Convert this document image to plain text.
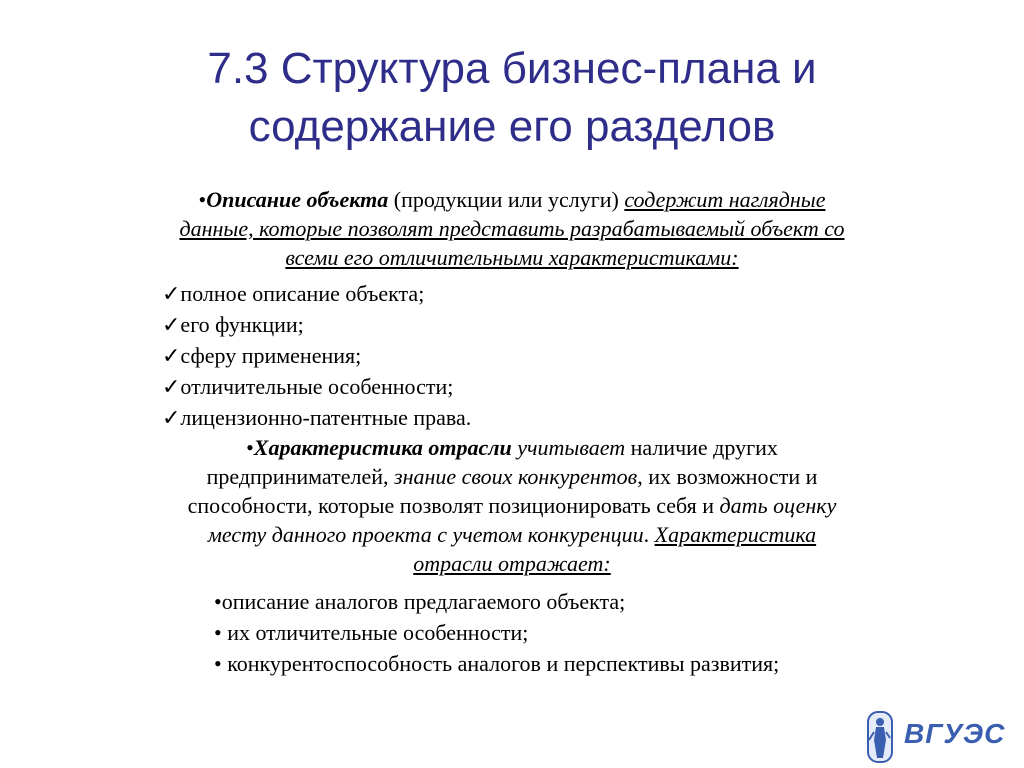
7.3 Структура бизнес-плана и
содержание его разделов
•Описание объекта (продукции или услуги) содержит наглядные
данные, которые позволят представить разрабатываемый объект со
всеми его отличительными характеристиками:
✓полное описание объекта;
✓его функции;
✓сферу применения;
✓отличительные особенности;
✓лицензионно-патентные права.
•Характеристика отрасли учитывает наличие других
предпринимателей, знание своих конкурентов, их возможности и
способности, которые позволят позиционировать себя и дать оценку
месту данного проекта с учетом конкуренции. Характеристика
отрасли отражает:
•описание аналогов предлагаемого объекта;
• их отличительные особенности;
• конкурентоспособность аналогов и перспективы развития;
ВГУЭС
